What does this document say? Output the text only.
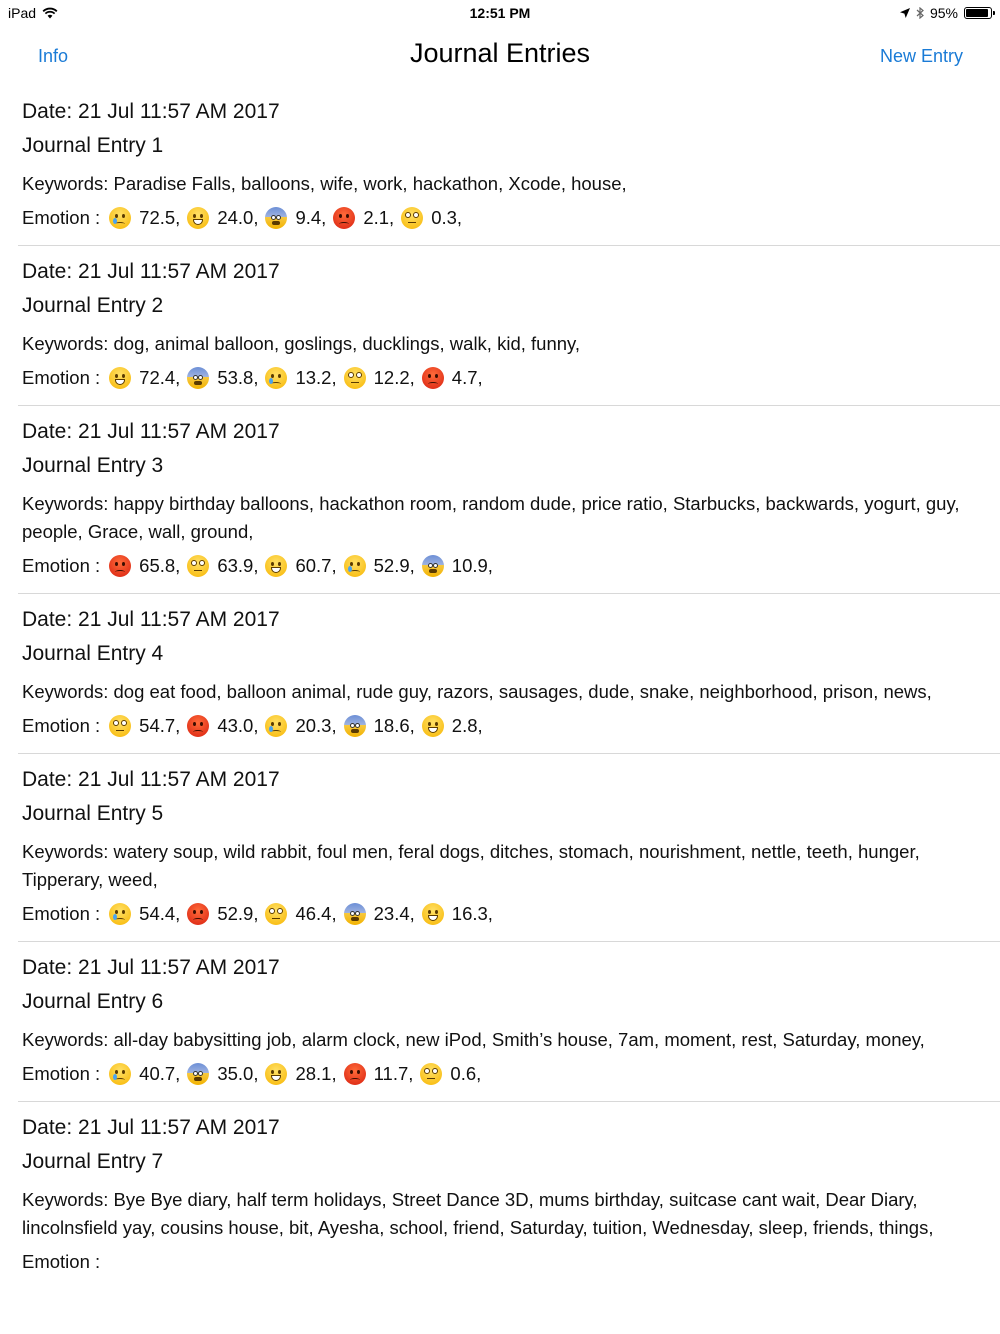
iPad	12:51 PM	95%
Info	Journal Entries	New Entry
Date: 21 Jul 11:57 AM 2017
Journal Entry 1
Keywords: Paradise Falls, balloons, wife, work, hackathon, Xcode, house,
Emotion : 72.5, 24.0, 9.4, 2.1, 0.3,
Date: 21 Jul 11:57 AM 2017
Journal Entry 2
Keywords: dog, animal balloon, goslings, ducklings, walk, kid, funny,
Emotion : 72.4, 53.8, 13.2, 12.2, 4.7,
Date: 21 Jul 11:57 AM 2017
Journal Entry 3
Keywords: happy birthday balloons, hackathon room, random dude, price ratio, Starbucks, backwards, yogurt, guy, people, Grace, wall, ground,
Emotion : 65.8, 63.9, 60.7, 52.9, 10.9,
Date: 21 Jul 11:57 AM 2017
Journal Entry 4
Keywords: dog eat food, balloon animal, rude guy, razors, sausages, dude, snake, neighborhood, prison, news,
Emotion : 54.7, 43.0, 20.3, 18.6, 2.8,
Date: 21 Jul 11:57 AM 2017
Journal Entry 5
Keywords: watery soup, wild rabbit, foul men, feral dogs, ditches, stomach, nourishment, nettle, teeth, hunger, Tipperary, weed,
Emotion : 54.4, 52.9, 46.4, 23.4, 16.3,
Date: 21 Jul 11:57 AM 2017
Journal Entry 6
Keywords: all-day babysitting job, alarm clock, new iPod, Smith’s house, 7am, moment, rest, Saturday, money,
Emotion : 40.7, 35.0, 28.1, 11.7, 0.6,
Date: 21 Jul 11:57 AM 2017
Journal Entry 7
Keywords: Bye Bye diary, half term holidays, Street Dance 3D, mums birthday, suitcase cant wait, Dear Diary, lincolnsfield yay, cousins house, bit, Ayesha, school, friend, Saturday, tuition, Wednesday, sleep, friends, things,
Emotion :
